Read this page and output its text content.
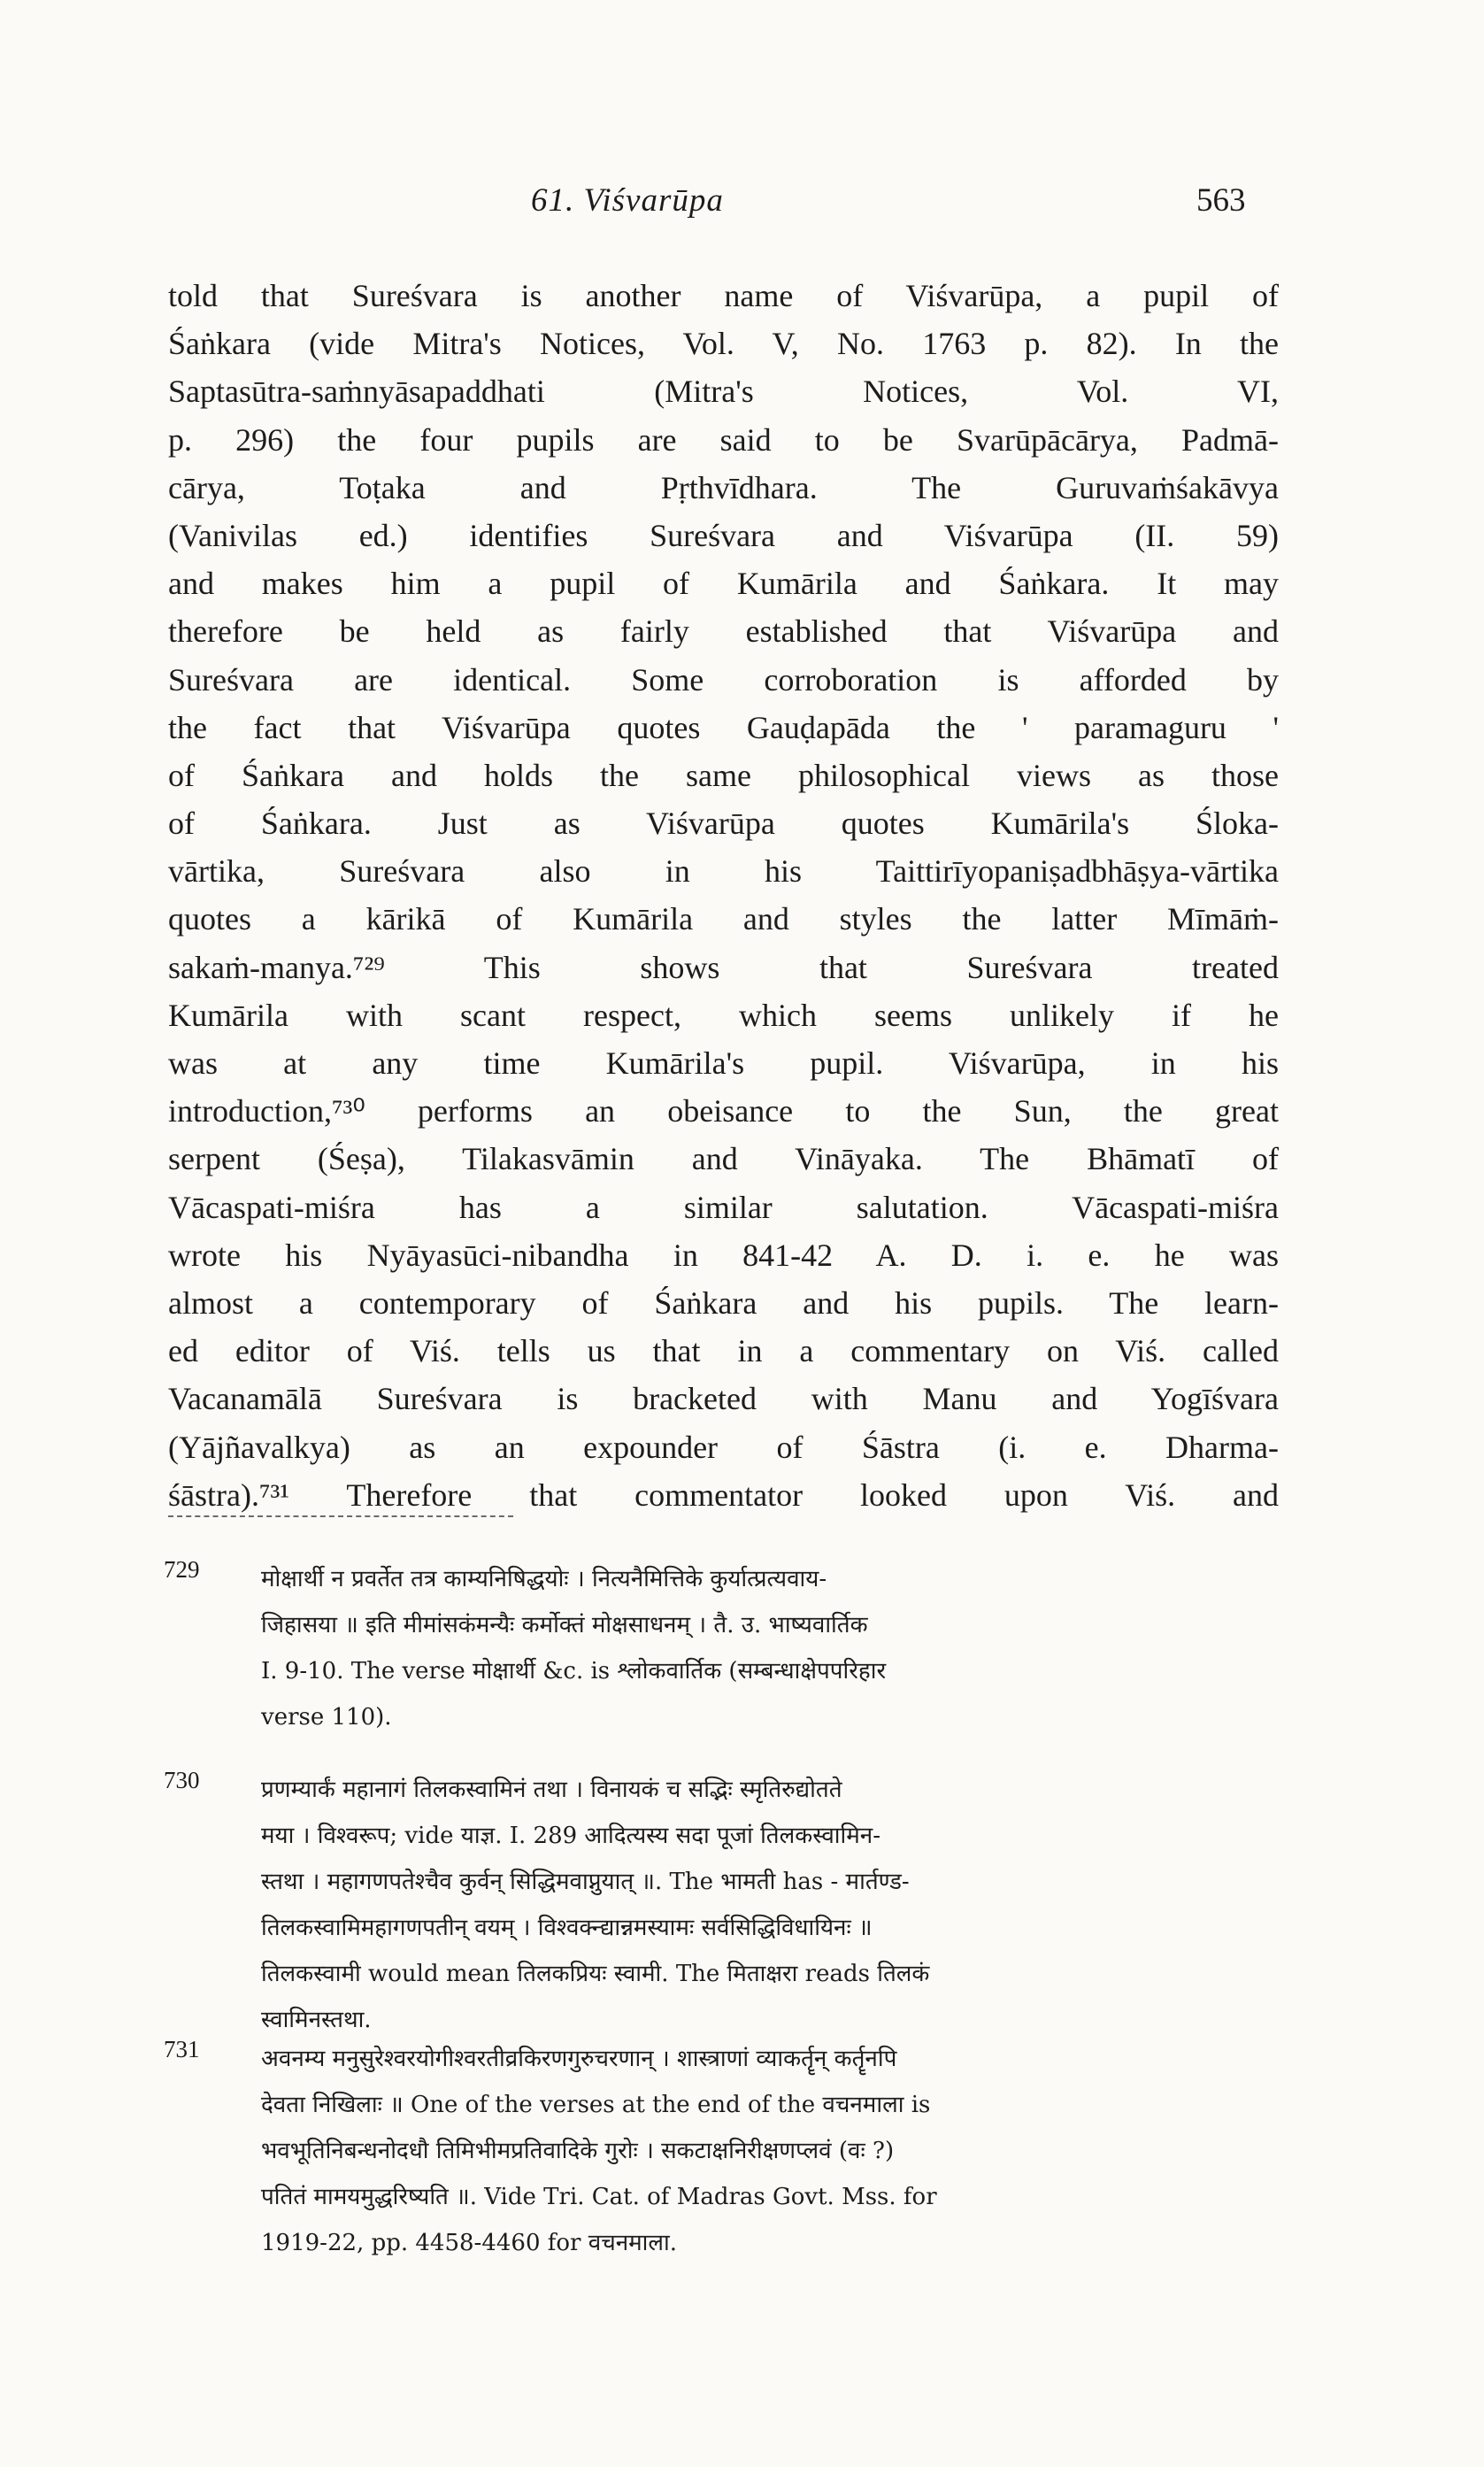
61. Viśvarūpa	563
told that Sureśvara is another name of Viśvarūpa, a pupil of
Śaṅkara (vide Mitra's Notices, Vol. V, No. 1763 p. 82). In the
Saptasūtra-saṁnyāsapaddhati (Mitra's Notices, Vol. VI,
p. 296) the four pupils are said to be Svarūpācārya, Padmā-
cārya, Toṭaka and Pṛthvīdhara. The Guruvaṁśakāvya
(Vanivilas ed.) identifies Sureśvara and Viśvarūpa (II. 59)
and makes him a pupil of Kumārila and Śaṅkara. It may
therefore be held as fairly established that Viśvarūpa and
Sureśvara are identical. Some corroboration is afforded by
the fact that Viśvarūpa quotes Gauḍapāda the ' paramaguru '
of Śaṅkara and holds the same philosophical views as those
of Śaṅkara. Just as Viśvarūpa quotes Kumārila's Śloka-
vārtika, Sureśvara also in his Taittirīyopaniṣadbhāṣya-vārtika
quotes a kārikā of Kumārila and styles the latter Mīmāṁ-
sakaṁ-manya.⁷²⁹ This shows that Sureśvara treated
Kumārila with scant respect, which seems unlikely if he
was at any time Kumārila's pupil. Viśvarūpa, in his
introduction,⁷³⁰ performs an obeisance to the Sun, the great
serpent (Śeṣa), Tilakasvāmin and Vināyaka. The Bhāmatī of
Vācaspati-miśra has a similar salutation. Vācaspati-miśra
wrote his Nyāyasūci-nibandha in 841-42 A. D. i. e. he was
almost a contemporary of Śaṅkara and his pupils. The learn-
ed editor of Viś. tells us that in a commentary on Viś. called
Vacanamālā Sureśvara is bracketed with Manu and Yogīśvara
(Yājñavalkya) as an expounder of Śāstra (i. e. Dharma-
śāstra).⁷³¹ Therefore that commentator looked upon Viś. and
729	मोक्षार्थी न प्रवर्तेत तत्र काम्यनिषिद्धयोः । नित्यनैमित्तिके कुर्यात्प्रत्यवाय-
जिहासया ॥ इति मीमांसकंमन्यैः कर्मोक्तं मोक्षसाधनम् । तै. उ. भाष्यवार्तिक
I. 9-10. The verse मोक्षार्थी &c. is श्लोकवार्तिक (सम्बन्धाक्षेपपरिहार
verse 110).
730	प्रणम्यार्कं महानागं तिलकस्वामिनं तथा । विनायकं च सद्भिः स्मृतिरुद्योतते
मया । विश्वरूप; vide याज्ञ. I. 289 आदित्यस्य सदा पूजां तिलकस्वामिन-
स्तथा । महागणपतेश्चैव कुर्वन् सिद्धिमवाप्नुयात् ॥. The भामती has - मार्तण्ड-
तिलकस्वामिमहागणपतीन् वयम् । विश्वक्न्द्यान्नमस्यामः सर्वसिद्धिविधायिनः ॥
तिलकस्वामी would mean तिलकप्रियः स्वामी. The मिताक्षरा reads तिलकं
स्वामिनस्तथा.
731	अवनम्य मनुसुरेश्वरयोगीश्वरतीव्रकिरणगुरुचरणान् । शास्त्राणां व्याकर्तॄन् कर्तॄनपि
देवता निखिलाः ॥ One of the verses at the end of the वचनमाला is
भवभूतिनिबन्धनोदधौ तिमिभीमप्रतिवादिके गुरोः । सकटाक्षनिरीक्षणप्लवं (वः ?)
पतितं मामयमुद्धरिष्यति ॥. Vide Tri. Cat. of Madras Govt. Mss. for
1919-22, pp. 4458-4460 for वचनमाला.
